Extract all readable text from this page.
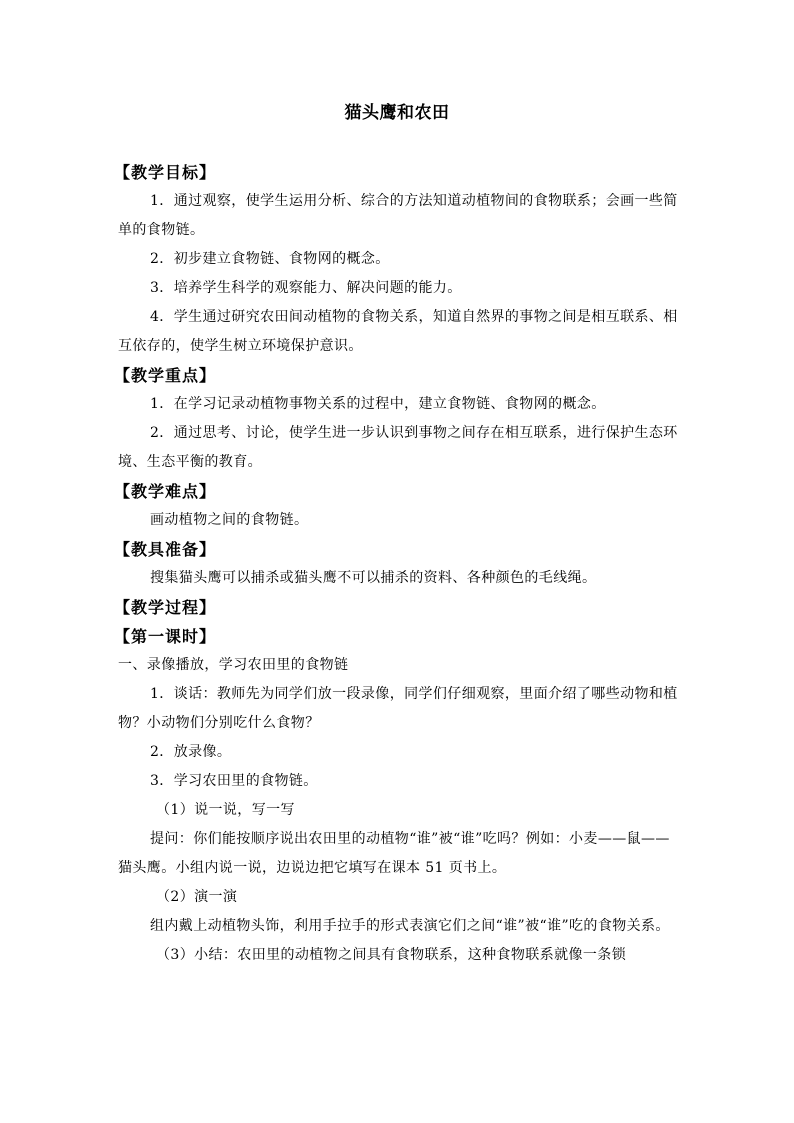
猫头鹰和农田
【教学目标】
1．通过观察，使学生运用分析、综合的方法知道动植物间的食物联系；会画一些简单的食物链。
2．初步建立食物链、食物网的概念。
3．培养学生科学的观察能力、解决问题的能力。
4．学生通过研究农田间动植物的食物关系，知道自然界的事物之间是相互联系、相互依存的，使学生树立环境保护意识。
【教学重点】
1．在学习记录动植物事物关系的过程中，建立食物链、食物网的概念。
2．通过思考、讨论，使学生进一步认识到事物之间存在相互联系，进行保护生态环境、生态平衡的教育。
【教学难点】
画动植物之间的食物链。
【教具准备】
搜集猫头鹰可以捕杀或猫头鹰不可以捕杀的资料、各种颜色的毛线绳。
【教学过程】
【第一课时】
一、录像播放，学习农田里的食物链
1．谈话：教师先为同学们放一段录像，同学们仔细观察，里面介绍了哪些动物和植物？小动物们分别吃什么食物？
2．放录像。
3．学习农田里的食物链。
（1）说一说，写一写
提问：你们能按顺序说出农田里的动植物“谁”被“谁”吃吗？例如：小麦——鼠——猫头鹰。小组内说一说，边说边把它填写在课本 51 页书上。
（2）演一演
组内戴上动植物头饰，利用手拉手的形式表演它们之间“谁”被“谁”吃的食物关系。
（3）小结：农田里的动植物之间具有食物联系，这种食物联系就像一条锁
